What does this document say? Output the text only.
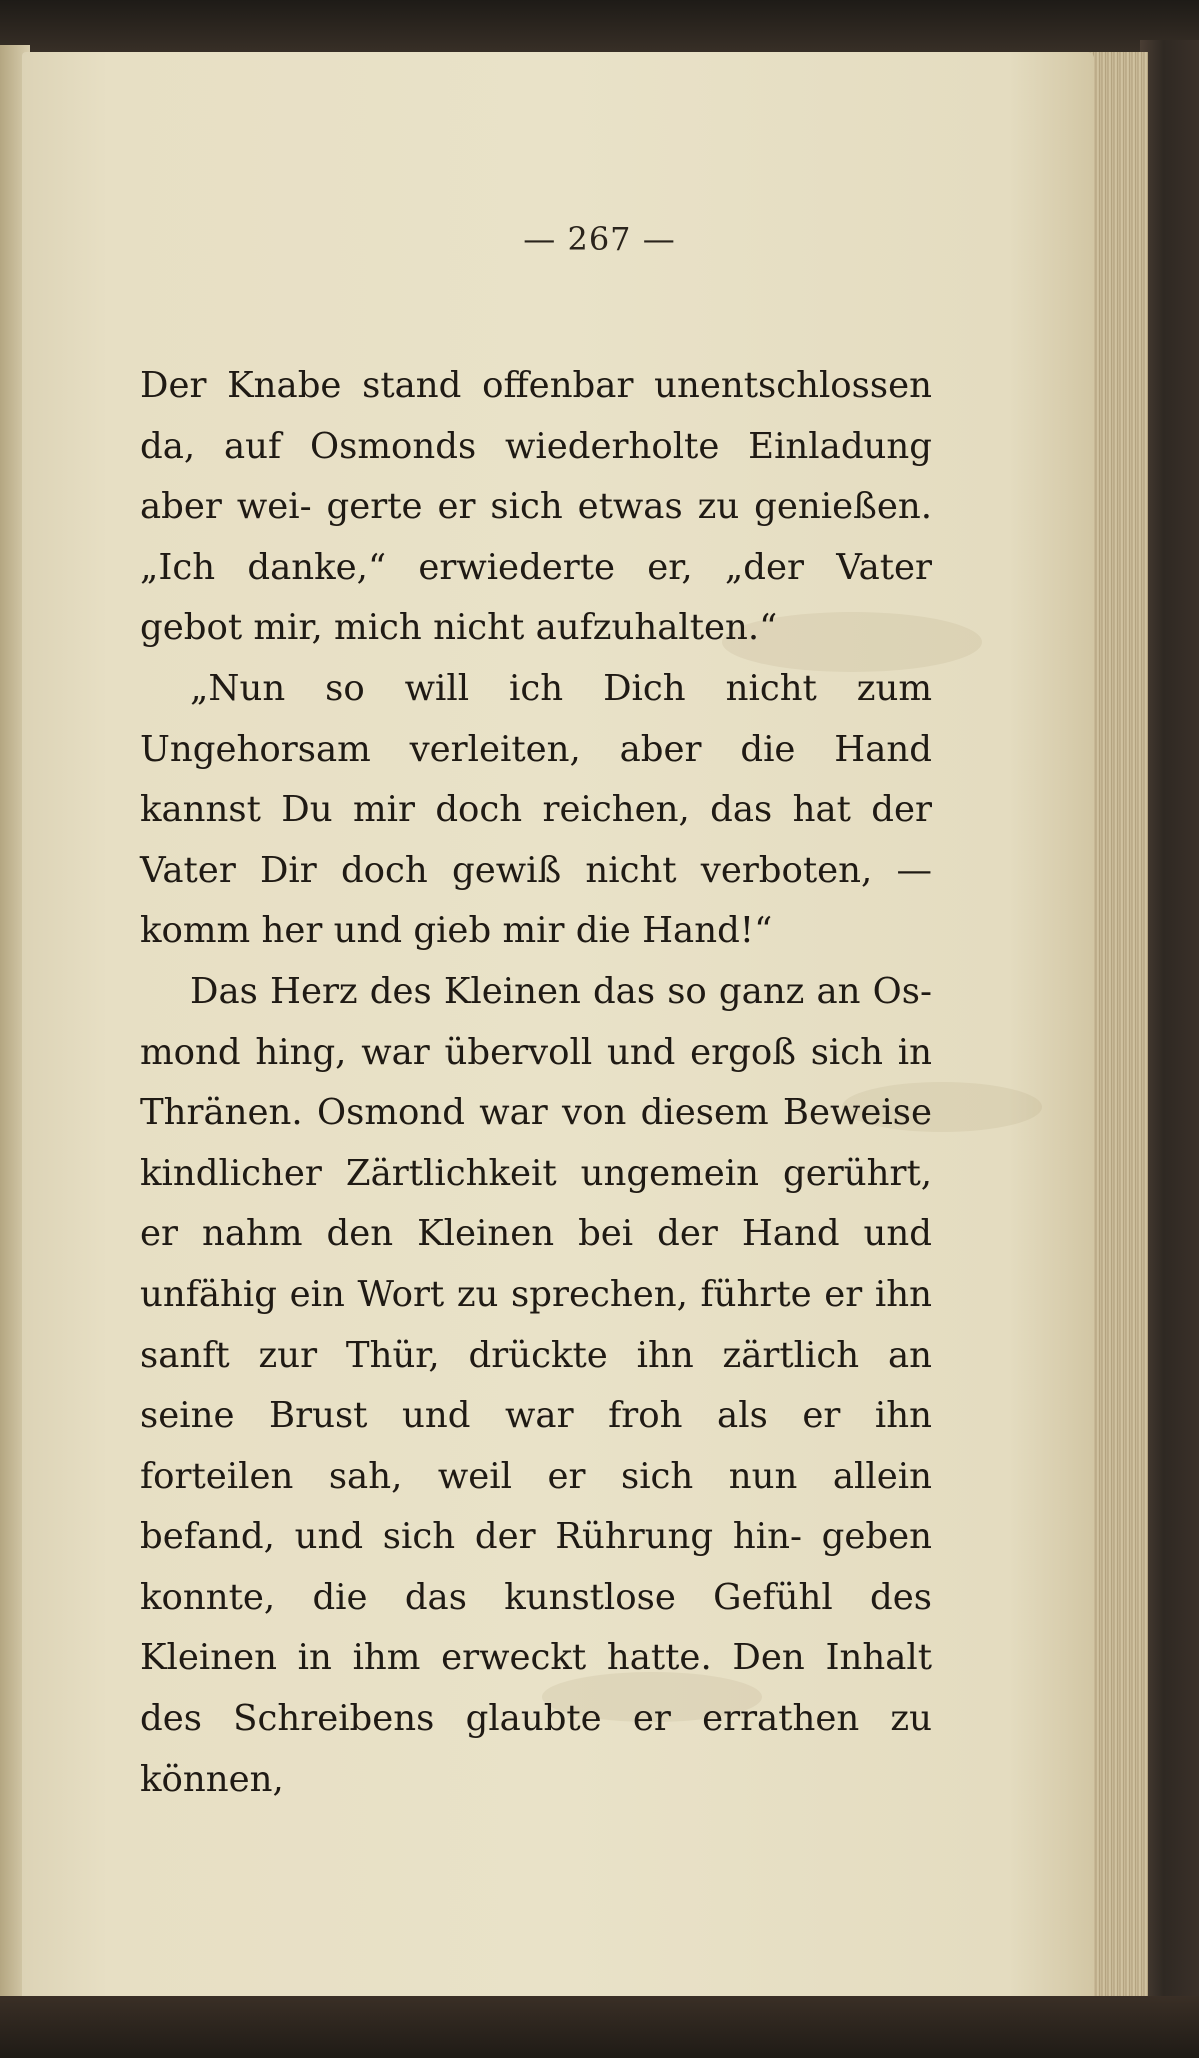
— 267 —

Der Knabe stand offenbar unentschlossen da, auf Osmonds wiederholte Einladung aber wei- gerte er sich etwas zu genießen. „Ich danke,“ erwiederte er, „der Vater gebot mir, mich nicht aufzuhalten.“

„Nun so will ich Dich nicht zum Ungehorsam verleiten, aber die Hand kannst Du mir doch reichen, das hat der Vater Dir doch gewiß nicht verboten, — komm her und gieb mir die Hand!“

Das Herz des Kleinen das so ganz an Os- mond hing, war übervoll und ergoß sich in Thränen. Osmond war von diesem Beweise kindlicher Zärtlichkeit ungemein gerührt, er nahm den Kleinen bei der Hand und unfähig ein Wort zu sprechen, führte er ihn sanft zur Thür, drückte ihn zärtlich an seine Brust und war froh als er ihn forteilen sah, weil er sich nun allein befand, und sich der Rührung hin- geben konnte, die das kunstlose Gefühl des Kleinen in ihm erweckt hatte. Den Inhalt des Schreibens glaubte er errathen zu können,
